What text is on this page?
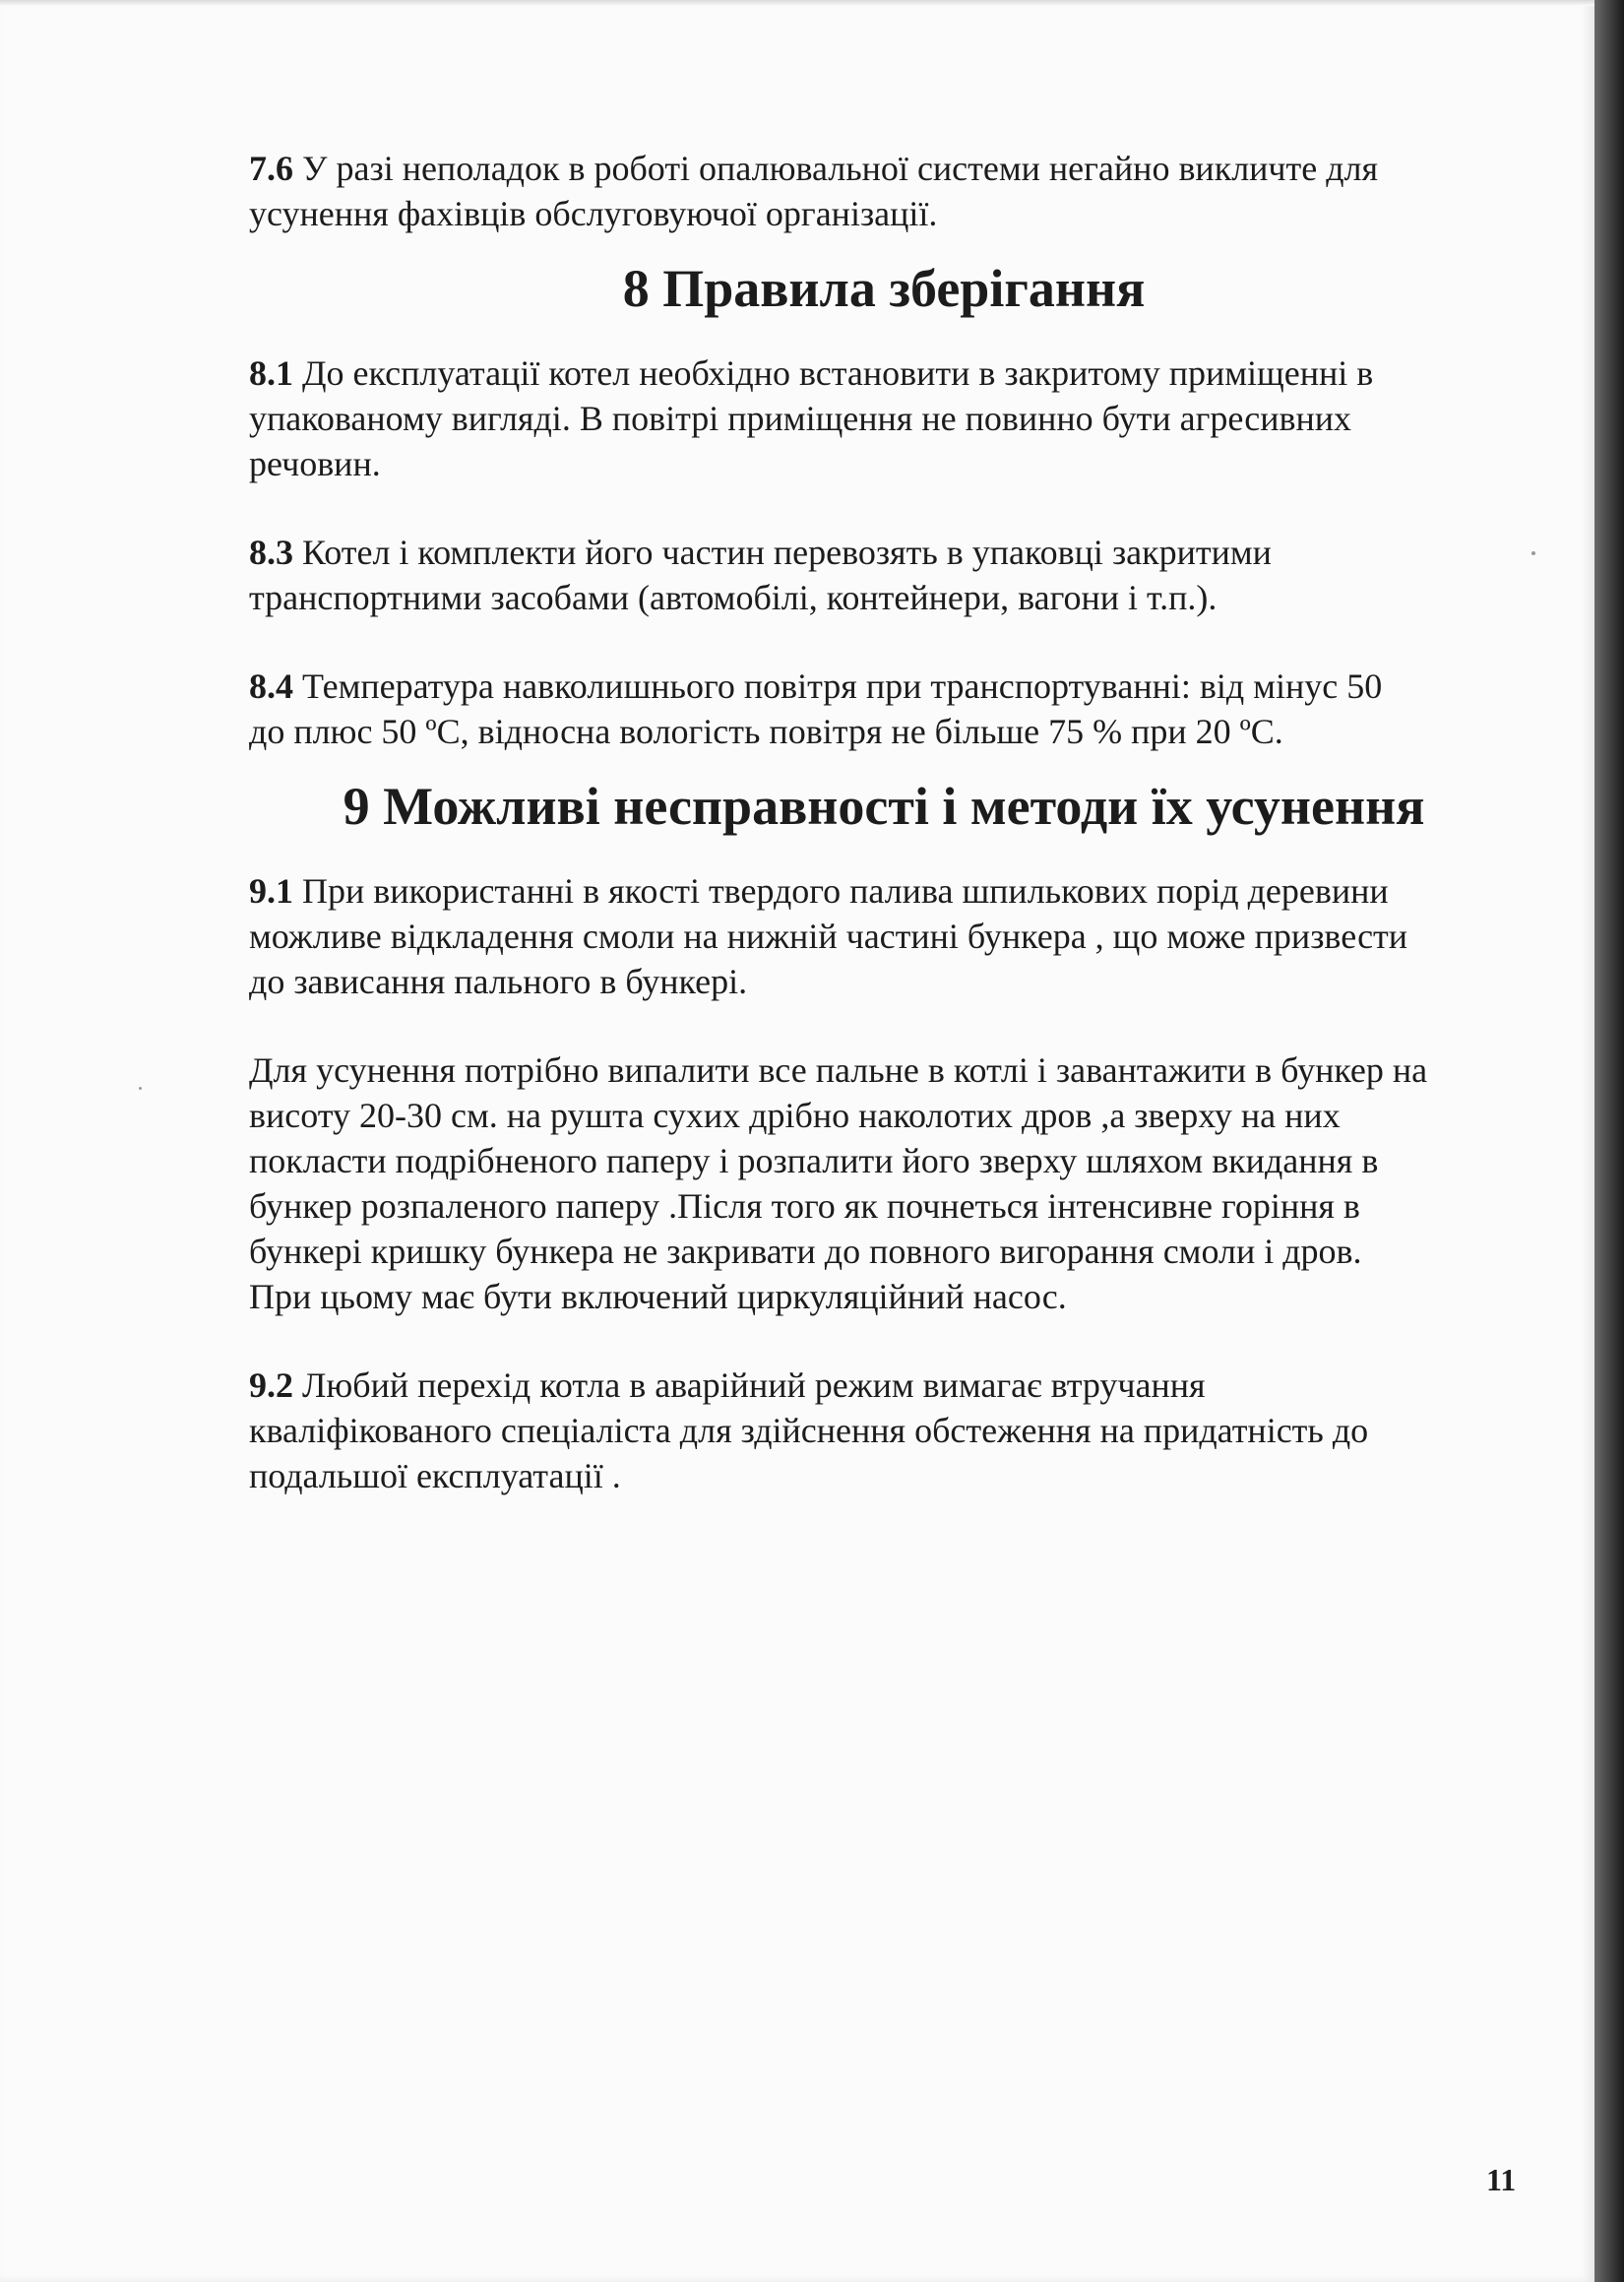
7.6 У разі неполадок в роботі опалювальної системи негайно викличте для
усунення фахівців обслуговуючої організації.

8 Правила зберігання

8.1 До експлуатації котел необхідно встановити в закритому приміщенні в
упакованому вигляді. В повітрі приміщення не повинно бути агресивних
речовин.

8.3 Котел і комплекти його частин перевозять в упаковці закритими
транспортними засобами (автомобілі, контейнери, вагони і т.п.).

8.4 Температура навколишнього повітря при транспортуванні: від мінус 50
до плюс 50 ºС, відносна вологість повітря не більше 75 % при 20 ºС.

9 Можливі несправності і методи їх усунення

9.1 При використанні в якості твердого палива шпилькових порід деревини
можливе відкладення смоли на нижній частині бункера , що може призвести
до зависання пального в бункері.

Для усунення потрібно випалити все пальне в котлі і завантажити в бункер на
висоту 20-30 см. на рушта сухих дрібно наколотих дров ,а зверху на них
покласти подрібненого паперу і розпалити його зверху шляхом вкидання в
бункер розпаленого паперу .Після того як почнеться інтенсивне горіння в
бункері кришку бункера не закривати до повного вигорання смоли і дров.
При цьому має бути включений циркуляційний насос.

9.2 Любий перехід котла в аварійний режим вимагає втручання
кваліфікованого спеціаліста для здійснення обстеження на придатність до
подальшої експлуатації .

11
